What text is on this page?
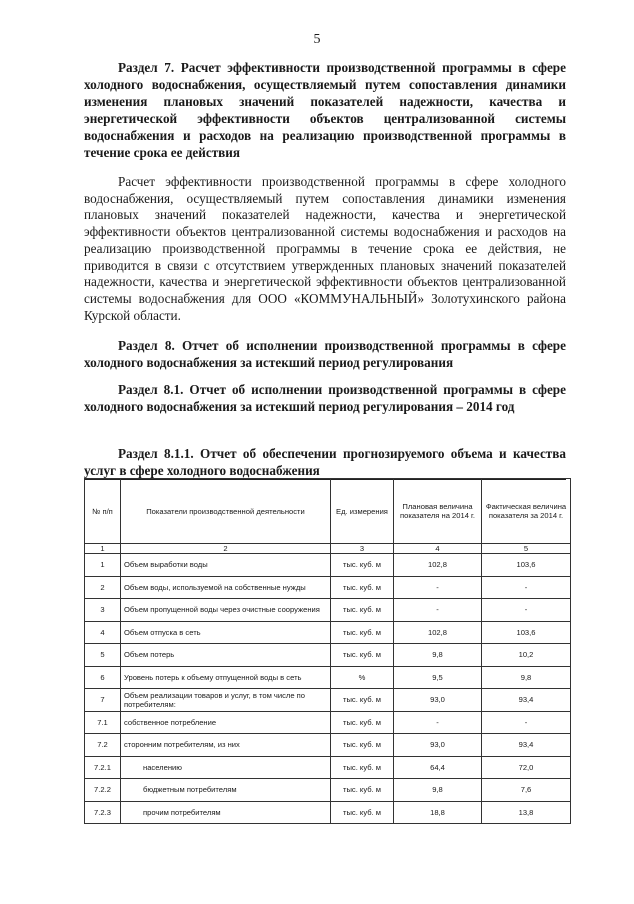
5
Раздел 7. Расчет эффективности производственной программы в сфере холодного водоснабжения, осуществляемый путем сопоставления динамики изменения плановых значений показателей надежности, качества и энергетической эффективности объектов централизованной системы водоснабжения и расходов на реализацию производственной программы в течение срока ее действия
Расчет эффективности производственной программы в сфере холодного водоснабжения, осуществляемый путем сопоставления динамики изменения плановых значений показателей надежности, качества и энергетической эффективности объектов централизованной системы водоснабжения и расходов на реализацию производственной программы в течение срока ее действия, не приводится в связи с отсутствием утвержденных плановых значений показателей надежности, качества и энергетической эффективности объектов централизованной системы водоснабжения для ООО «КОММУНАЛЬНЫЙ» Золотухинского района Курской области.
Раздел 8. Отчет об исполнении производственной программы в сфере холодного водоснабжения за истекший период регулирования
Раздел 8.1. Отчет об исполнении производственной программы в сфере холодного водоснабжения за истекший период регулирования – 2014 год
Раздел 8.1.1. Отчет об обеспечении прогнозируемого объема и качества услуг в сфере холодного водоснабжения
№ п/п	Показатели производственной деятельности	Ед. измерения	Плановая величина показателя на 2014 г.	Фактическая величина показателя за 2014 г.
1	2	3	4	5
1	Объем выработки воды	тыс. куб. м	102,8	103,6
2	Объем воды, используемой на собственные нужды	тыс. куб. м	-	-
3	Объем пропущенной воды через очистные сооружения	тыс. куб. м	-	-
4	Объем отпуска в сеть	тыс. куб. м	102,8	103,6
5	Объем потерь	тыс. куб. м	9,8	10,2
6	Уровень потерь к объему отпущенной воды в сеть	%	9,5	9,8
7	Объем реализации товаров и услуг, в том числе по потребителям:	тыс. куб. м	93,0	93,4
7.1	собственное потребление	тыс. куб. м	-	-
7.2	сторонним потребителям, из них	тыс. куб. м	93,0	93,4
7.2.1	населению	тыс. куб. м	64,4	72,0
7.2.2	бюджетным потребителям	тыс. куб. м	9,8	7,6
7.2.3	прочим потребителям	тыс. куб. м	18,8	13,8
